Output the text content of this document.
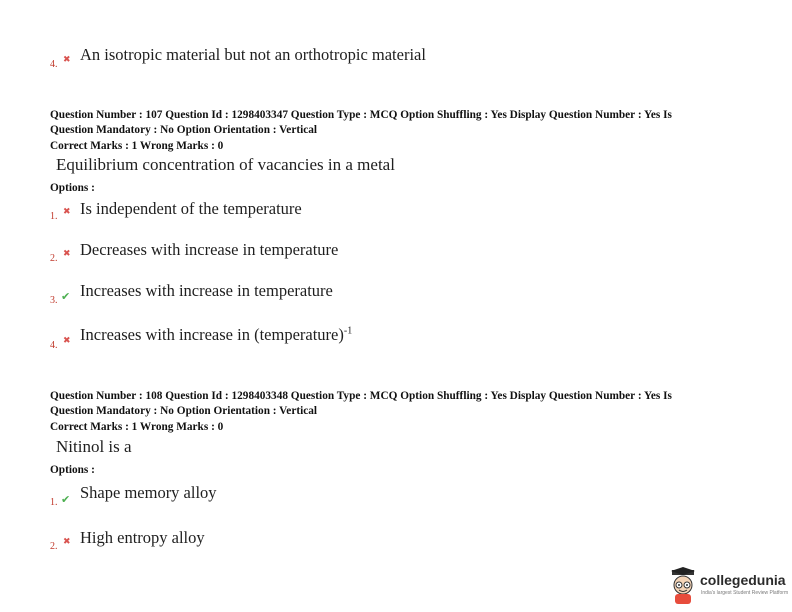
4. ✖ An isotropic material but not an orthotropic material
Question Number : 107 Question Id : 1298403347 Question Type : MCQ Option Shuffling : Yes Display Question Number : Yes Is
Question Mandatory : No Option Orientation : Vertical
Correct Marks : 1 Wrong Marks : 0
Equilibrium concentration of vacancies in a metal
Options :
1. ✖ Is independent of the temperature
2. ✖ Decreases with increase in temperature
3. ✔ Increases with increase in temperature
4. ✖ Increases with increase in (temperature)$^{-1}$
Question Number : 108 Question Id : 1298403348 Question Type : MCQ Option Shuffling : Yes Display Question Number : Yes Is
Question Mandatory : No Option Orientation : Vertical
Correct Marks : 1 Wrong Marks : 0
Nitinol is a
Options :
1. ✔ Shape memory alloy
2. ✖ High entropy alloy
collegedunia
India's largest Student Review Platform
